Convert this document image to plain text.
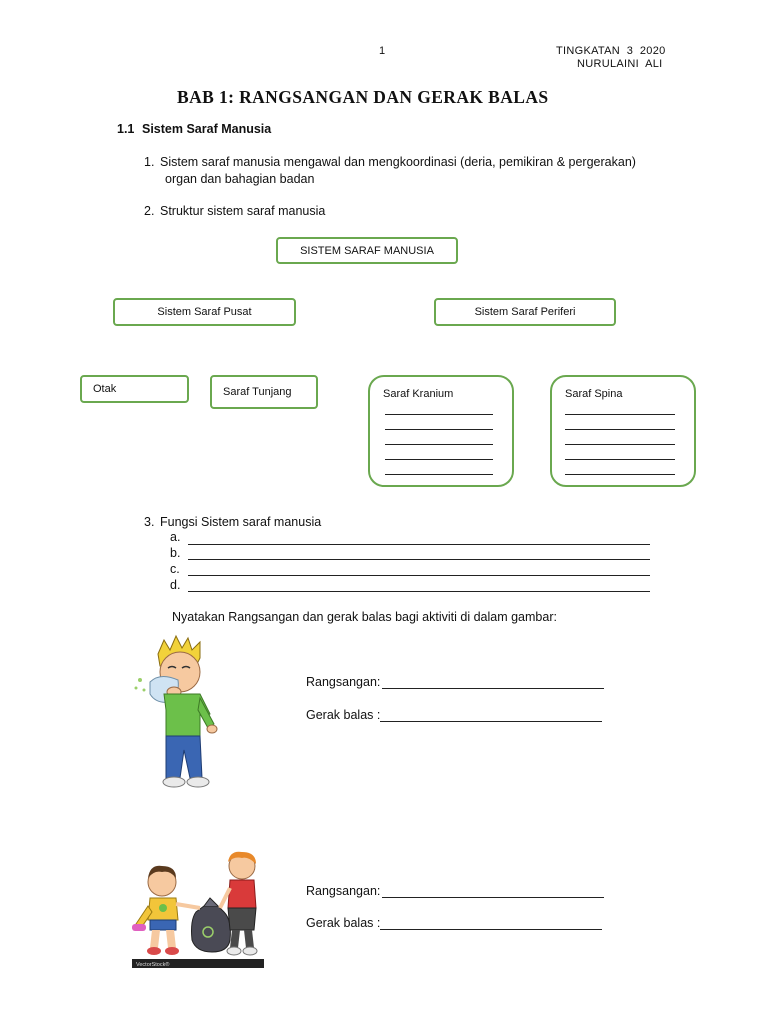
1	TINGKATAN  3  2020
NURULAINI  ALI
BAB 1: RANGSANGAN DAN GERAK BALAS
1.1 Sistem Saraf Manusia
1. Sistem saraf manusia mengawal dan mengkoordinasi (deria, pemikiran & pergerakan)
organ dan bahagian badan
2. Struktur sistem saraf manusia
SISTEM SARAF MANUSIA
Sistem Saraf Pusat	Sistem Saraf Periferi
Otak	Saraf Tunjang	Saraf Kranium	Saraf Spina
3. Fungsi Sistem saraf manusia
a.
b.
c.
d.
Nyatakan Rangsangan dan gerak balas bagi aktiviti di dalam gambar:
Rangsangan:
Gerak balas :
VectorStock®
Rangsangan:
Gerak balas :
